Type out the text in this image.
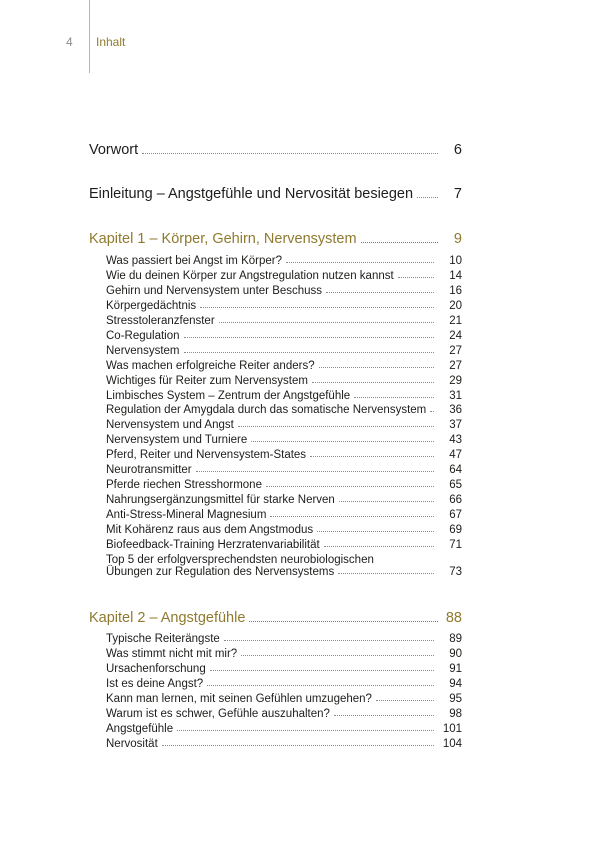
4 Inhalt
Vorwort	6
Einleitung – Angstgefühle und Nervosität besiegen	7
Kapitel 1 – Körper, Gehirn, Nervensystem	9
Was passiert bei Angst im Körper?	10
Wie du deinen Körper zur Angstregulation nutzen kannst	14
Gehirn und Nervensystem unter Beschuss	16
Körpergedächtnis	20
Stresstoleranzfenster	21
Co-Regulation	24
Nervensystem	27
Was machen erfolgreiche Reiter anders?	27
Wichtiges für Reiter zum Nervensystem	29
Limbisches System – Zentrum der Angstgefühle	31
Regulation der Amygdala durch das somatische Nervensystem	36
Nervensystem und Angst	37
Nervensystem und Turniere	43
Pferd, Reiter und Nervensystem-States	47
Neurotransmitter	64
Pferde riechen Stresshormone	65
Nahrungsergänzungsmittel für starke Nerven	66
Anti-Stress-Mineral Magnesium	67
Mit Kohärenz raus aus dem Angstmodus	69
Biofeedback-Training Herzratenvariabilität	71
Top 5 der erfolgversprechendsten neurobiologischen
Übungen zur Regulation des Nervensystems	73
Kapitel 2 – Angstgefühle	88
Typische Reiterängste	89
Was stimmt nicht mit mir?	90
Ursachenforschung	91
Ist es deine Angst?	94
Kann man lernen, mit seinen Gefühlen umzugehen?	95
Warum ist es schwer, Gefühle auszuhalten?	98
Angstgefühle	101
Nervosität	104
